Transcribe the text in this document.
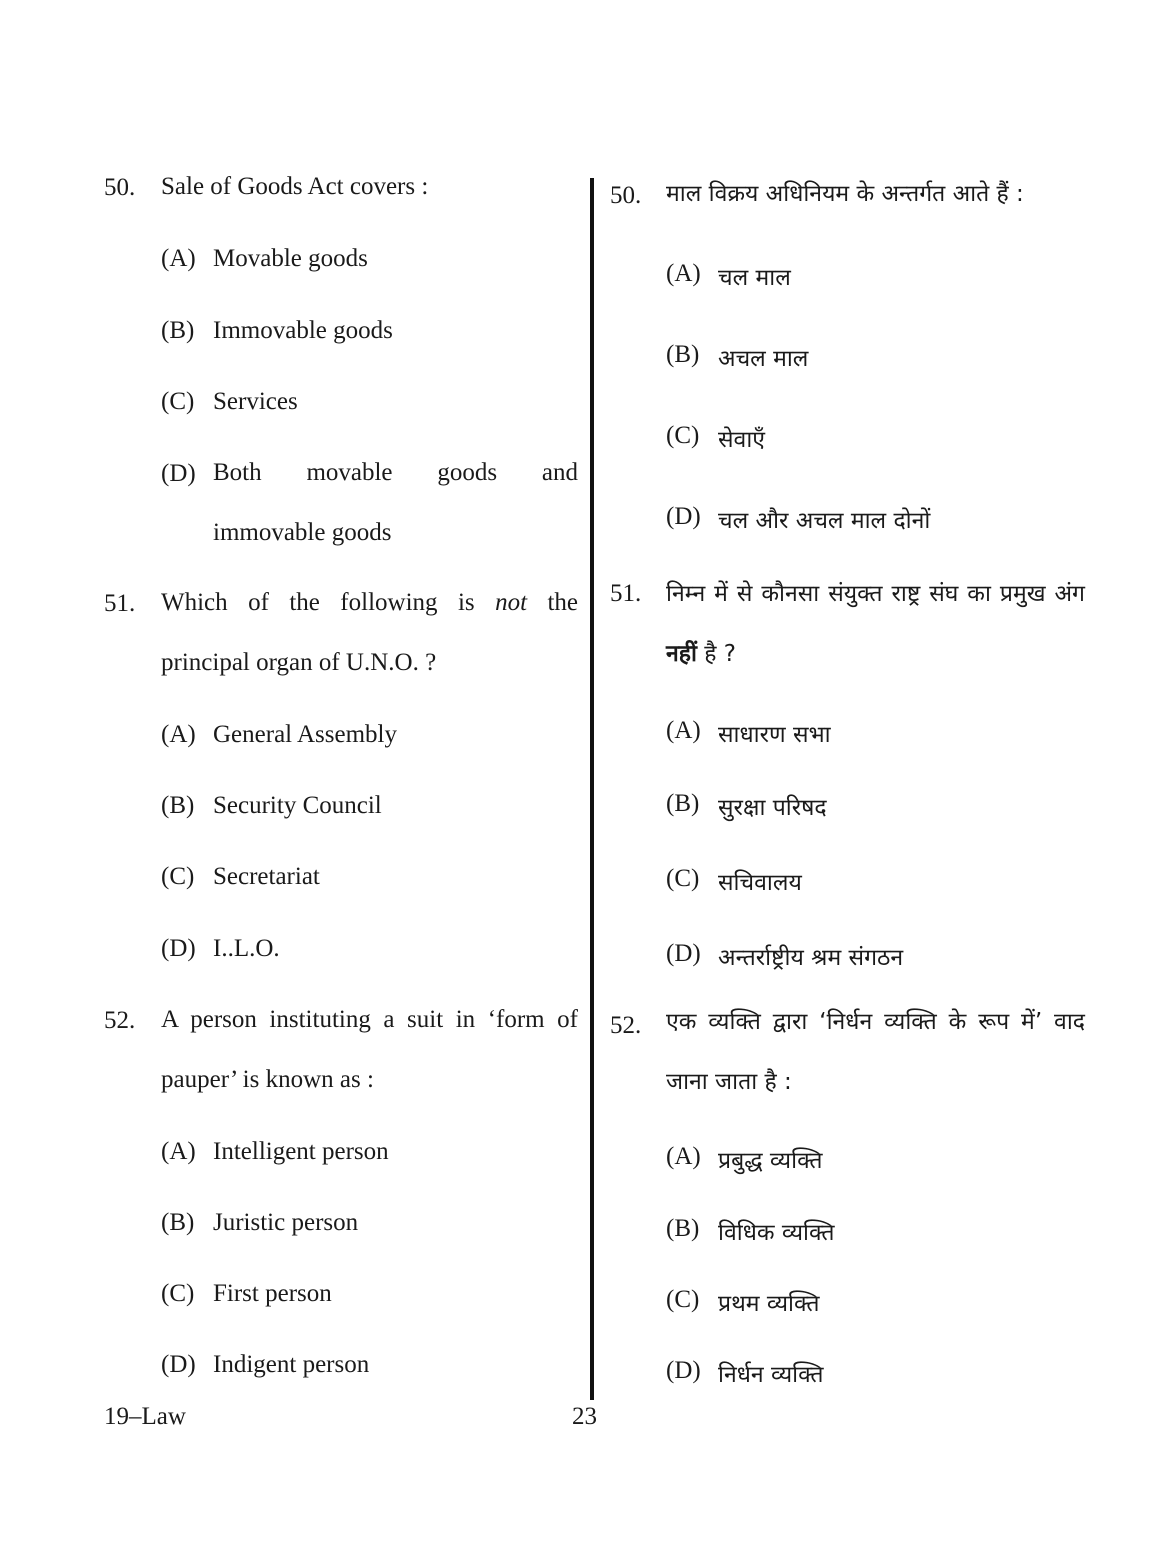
50. Sale of Goods Act covers :
(A) Movable goods
(B) Immovable goods
(C) Services
(D) Both movable goods and immovable goods
51. Which of the following is not the principal organ of U.N.O. ?
(A) General Assembly
(B) Security Council
(C) Secretariat
(D) I..L.O.
52. A person instituting a suit in ‘form of pauper’ is known as :
(A) Intelligent person
(B) Juristic person
(C) First person
(D) Indigent person
50. माल विक्रय अधिनियम के अन्तर्गत आते हैं :
(A) चल माल
(B) अचल माल
(C) सेवाएँ
(D) चल और अचल माल दोनों
51. निम्न में से कौनसा संयुक्त राष्ट्र संघ का प्रमुख अंग नहीं है ?
(A) साधारण सभा
(B) सुरक्षा परिषद
(C) सचिवालय
(D) अन्तर्राष्ट्रीय श्रम संगठन
52. एक व्यक्ति द्वारा ‘निर्धन व्यक्ति के रूप में’ वाद जाना जाता है :
(A) प्रबुद्ध व्यक्ति
(B) विधिक व्यक्ति
(C) प्रथम व्यक्ति
(D) निर्धन व्यक्ति
19–Law	23
